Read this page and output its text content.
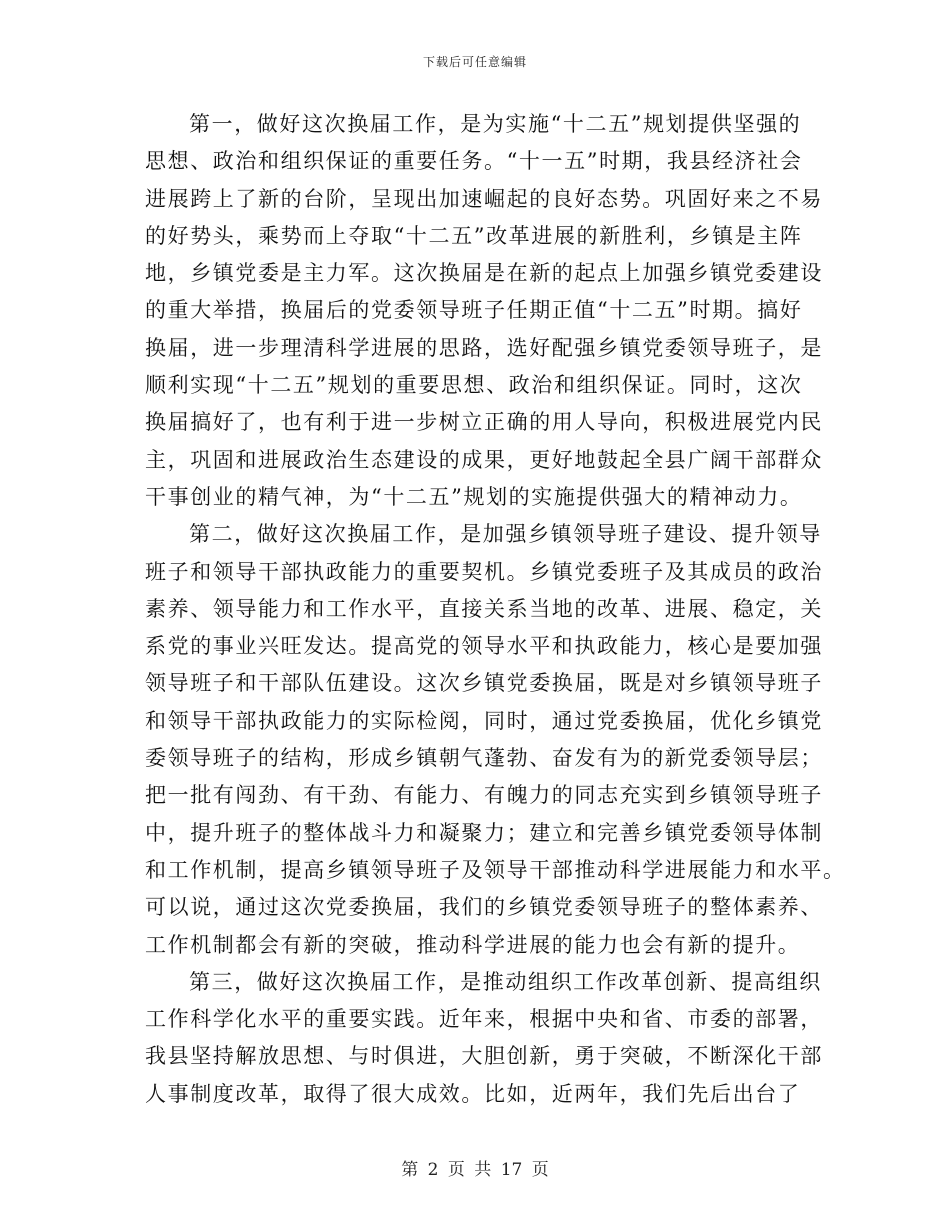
下载后可任意编辑
第一，做好这次换届工作，是为实施“十二五”规划提供坚强的
思想、政治和组织保证的重要任务。“十一五”时期，我县经济社会
进展跨上了新的台阶，呈现出加速崛起的良好态势。巩固好来之不易
的好势头，乘势而上夺取“十二五”改革进展的新胜利，乡镇是主阵
地，乡镇党委是主力军。这次换届是在新的起点上加强乡镇党委建设
的重大举措，换届后的党委领导班子任期正值“十二五”时期。搞好
换届，进一步理清科学进展的思路，选好配强乡镇党委领导班子，是
顺利实现“十二五”规划的重要思想、政治和组织保证。同时，这次
换届搞好了，也有利于进一步树立正确的用人导向，积极进展党内民
主，巩固和进展政治生态建设的成果，更好地鼓起全县广阔干部群众
干事创业的精气神，为“十二五”规划的实施提供强大的精神动力。
第二，做好这次换届工作，是加强乡镇领导班子建设、提升领导
班子和领导干部执政能力的重要契机。乡镇党委班子及其成员的政治
素养、领导能力和工作水平，直接关系当地的改革、进展、稳定，关
系党的事业兴旺发达。提高党的领导水平和执政能力，核心是要加强
领导班子和干部队伍建设。这次乡镇党委换届，既是对乡镇领导班子
和领导干部执政能力的实际检阅，同时，通过党委换届，优化乡镇党
委领导班子的结构，形成乡镇朝气蓬勃、奋发有为的新党委领导层；
把一批有闯劲、有干劲、有能力、有魄力的同志充实到乡镇领导班子
中，提升班子的整体战斗力和凝聚力；建立和完善乡镇党委领导体制
和工作机制，提高乡镇领导班子及领导干部推动科学进展能力和水平。
可以说，通过这次党委换届，我们的乡镇党委领导班子的整体素养、
工作机制都会有新的突破，推动科学进展的能力也会有新的提升。
第三，做好这次换届工作，是推动组织工作改革创新、提高组织
工作科学化水平的重要实践。近年来，根据中央和省、市委的部署，
我县坚持解放思想、与时俱进，大胆创新，勇于突破，不断深化干部
人事制度改革，取得了很大成效。比如，近两年，我们先后出台了
第 2 页 共 17 页
